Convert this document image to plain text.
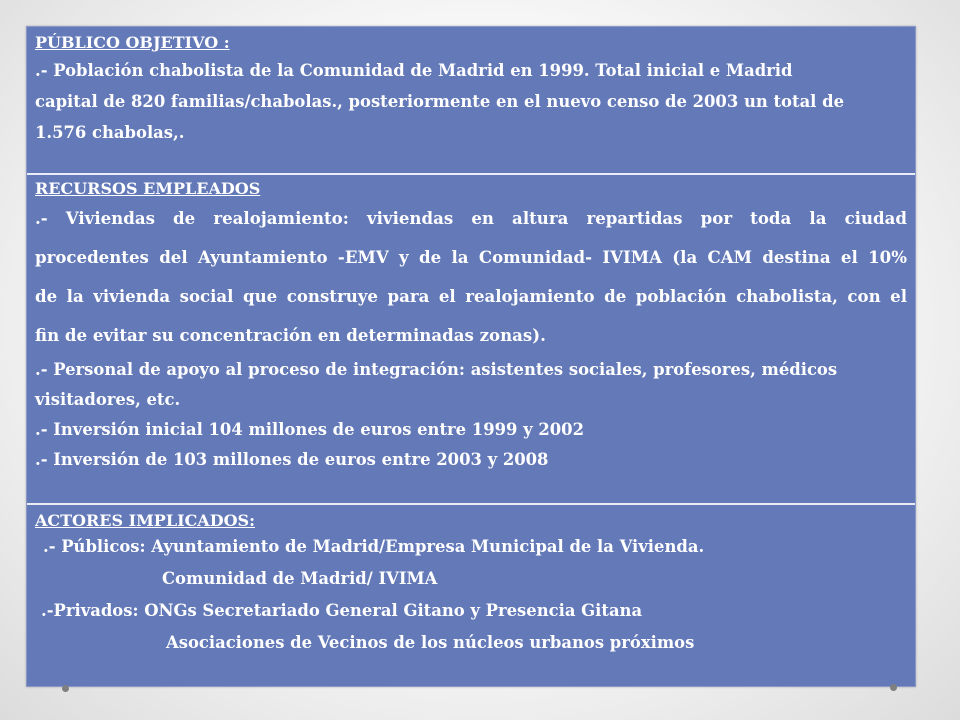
PÚBLICO OBJETIVO :

.- Población chabolista de la Comunidad de Madrid en 1999. Total inicial e Madrid
capital de 820 familias/chabolas., posteriormente en el nuevo censo de 2003 un total de
1.576 chabolas,.

RECURSOS EMPLEADOS

.- Viviendas de realojamiento: viviendas en altura repartidas por toda la ciudad
procedentes del Ayuntamiento -EMV y de la Comunidad- IVIMA (la CAM destina el 10%
de la vivienda social que construye para el realojamiento de población chabolista, con el
fin de evitar su concentración en determinadas zonas).
.- Personal de apoyo al proceso de integración: asistentes sociales, profesores, médicos
visitadores, etc.
.- Inversión inicial 104 millones de euros entre 1999 y 2002
.- Inversión de 103 millones de euros entre 2003 y 2008

ACTORES IMPLICADOS:

.- Públicos: Ayuntamiento de Madrid/Empresa Municipal de la Vivienda.

Comunidad de Madrid/ IVIMA

.-Privados: ONGs Secretariado General Gitano y Presencia Gitana

Asociaciones de Vecinos de los núcleos urbanos próximos
